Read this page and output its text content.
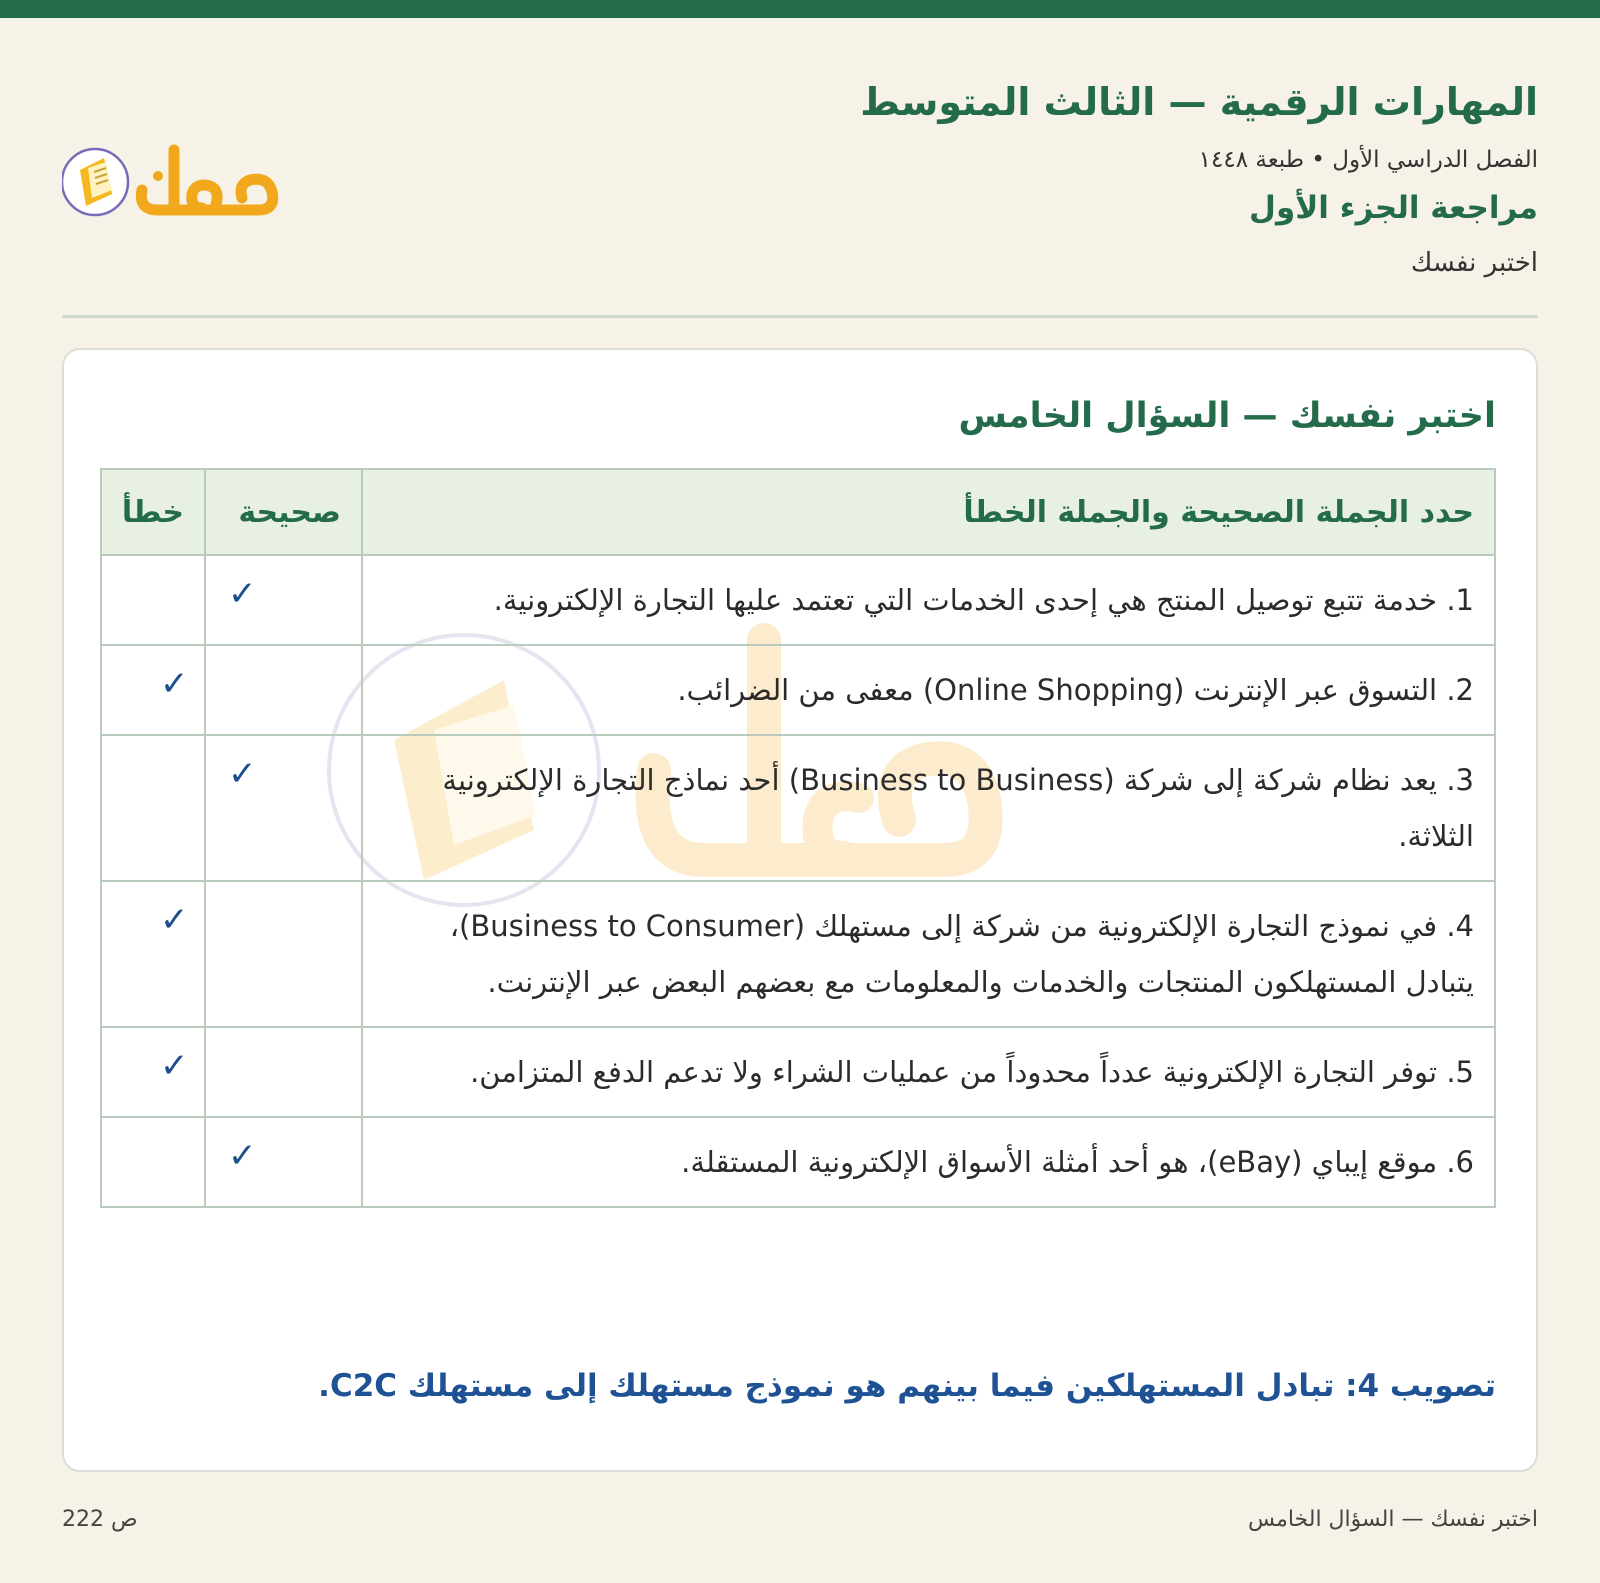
المهارات الرقمية — الثالث المتوسط
الفصل الدراسي الأول • طبعة ١٤٤٨
مراجعة الجزء الأول
اختبر نفسك
اختبر نفسك — السؤال الخامس
حدد الجملة الصحيحة والجملة الخطأ	صحيحة	خطأ
1. خدمة تتبع توصيل المنتج هي إحدى الخدمات التي تعتمد عليها التجارة الإلكترونية.	✓	
2. التسوق عبر الإنترنت (Online Shopping) معفى من الضرائب.		✓
3. يعد نظام شركة إلى شركة (Business to Business) أحد نماذج التجارة الإلكترونية الثلاثة.	✓	
4. في نموذج التجارة الإلكترونية من شركة إلى مستهلك (Business to Consumer)، يتبادل المستهلكون المنتجات والخدمات والمعلومات مع بعضهم البعض عبر الإنترنت.		✓
5. توفر التجارة الإلكترونية عدداً محدوداً من عمليات الشراء ولا تدعم الدفع المتزامن.		✓
6. موقع إيباي (eBay)، هو أحد أمثلة الأسواق الإلكترونية المستقلة.	✓	
تصويب 4: تبادل المستهلكين فيما بينهم هو نموذج مستهلك إلى مستهلك C2C.
اختبر نفسك — السؤال الخامس
ص 222
